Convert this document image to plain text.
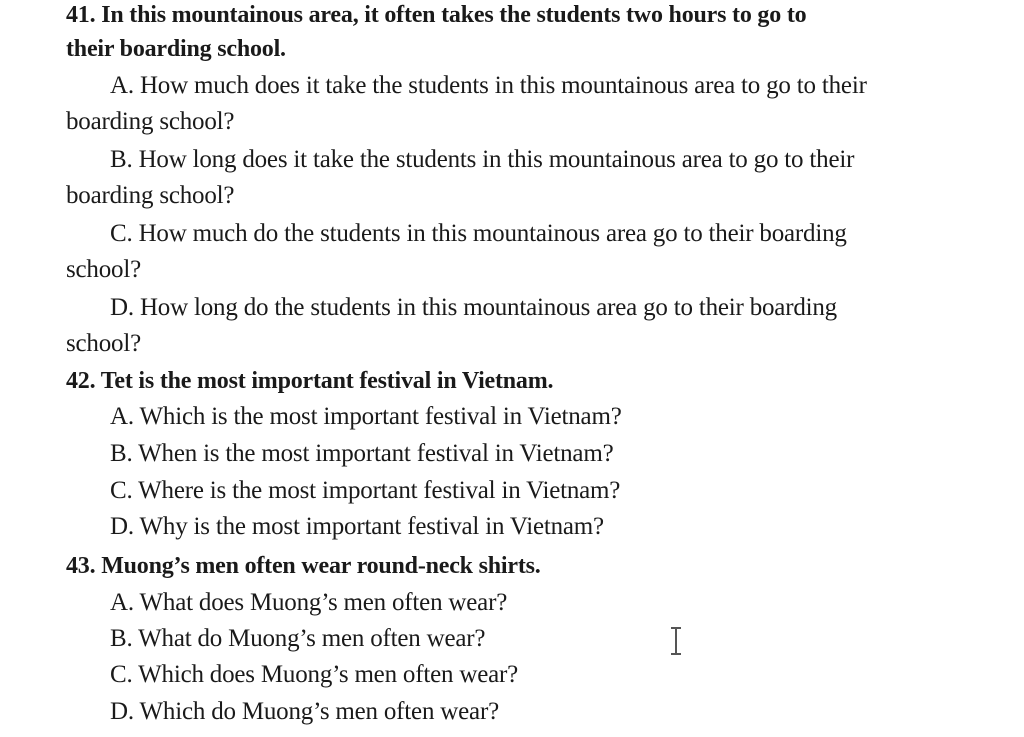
41. In this mountainous area, it often takes the students two hours to go to
their boarding school.
A. How much does it take the students in this mountainous area to go to their
boarding school?
B. How long does it take the students in this mountainous area to go to their
boarding school?
C. How much do the students in this mountainous area go to their boarding
school?
D. How long do the students in this mountainous area go to their boarding
school?
42. Tet is the most important festival in Vietnam.
A. Which is the most important festival in Vietnam?
B. When is the most important festival in Vietnam?
C. Where is the most important festival in Vietnam?
D. Why is the most important festival in Vietnam?
43. Muong’s men often wear round-neck shirts.
A. What does Muong’s men often wear?
B. What do Muong’s men often wear?
C. Which does Muong’s men often wear?
D. Which do Muong’s men often wear?
